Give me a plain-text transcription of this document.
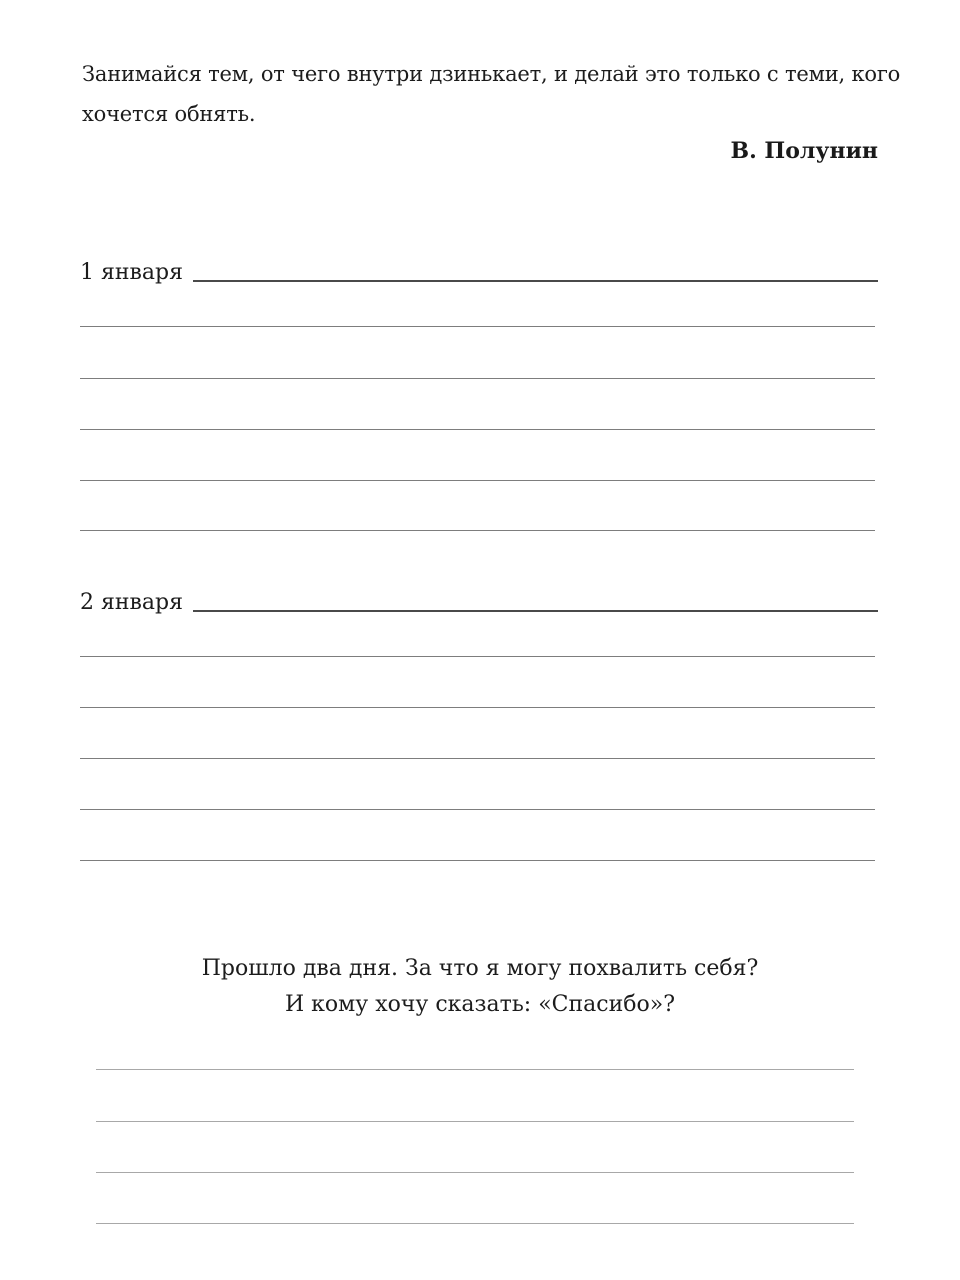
Занимайся тем, от чего внутри дзинькает, и делай это только с теми, кого хочется обнять.
В. Полунин
1 января
2 января
Прошло два дня. За что я могу похвалить себя?
И кому хочу сказать: «Спасибо»?
